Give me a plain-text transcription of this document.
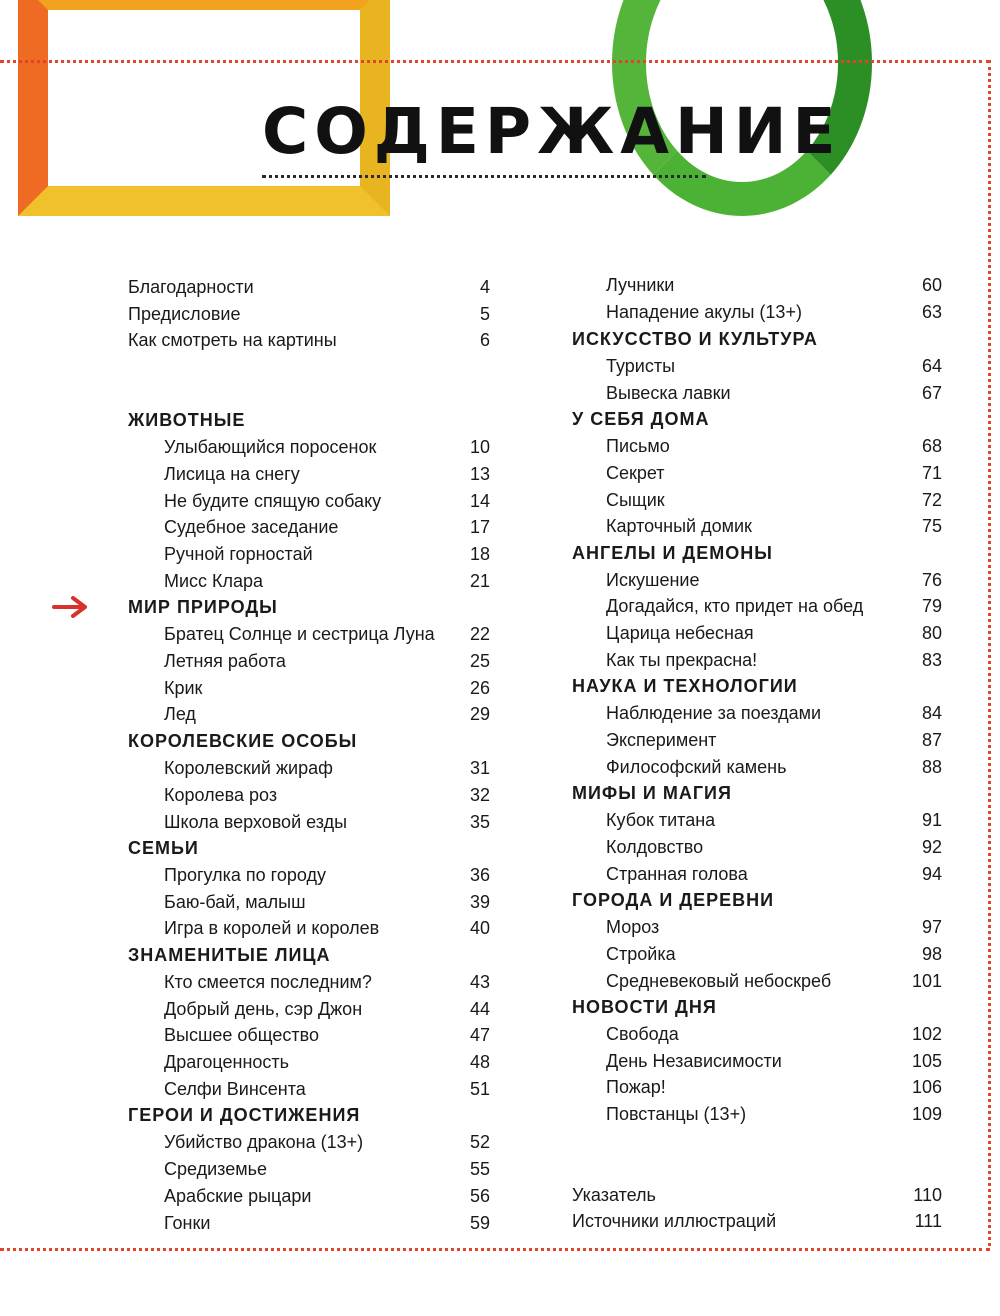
СОДЕРЖАНИЕ
Благодарности	4
Предисловие	5
Как смотреть на картины	6
ЖИВОТНЫЕ
Улыбающийся поросенок	10
Лисица на снегу	13
Не будите спящую собаку	14
Судебное заседание	17
Ручной горностай	18
Мисс Клара	21
МИР ПРИРОДЫ
Братец Солнце и сестрица Луна	22
Летняя работа	25
Крик	26
Лед	29
КОРОЛЕВСКИЕ ОСОБЫ
Королевский жираф	31
Королева роз	32
Школа верховой езды	35
СЕМЬИ
Прогулка по городу	36
Баю-бай, малыш	39
Игра в королей и королев	40
ЗНАМЕНИТЫЕ ЛИЦА
Кто смеется последним?	43
Добрый день, сэр Джон	44
Высшее общество	47
Драгоценность	48
Селфи Винсента	51
ГЕРОИ И ДОСТИЖЕНИЯ
Убийство дракона (13+)	52
Средиземье	55
Арабские рыцари	56
Гонки	59
Лучники	60
Нападение акулы (13+)	63
ИСКУССТВО И КУЛЬТУРА
Туристы	64
Вывеска лавки	67
У СЕБЯ ДОМА
Письмо	68
Секрет	71
Сыщик	72
Карточный домик	75
АНГЕЛЫ И ДЕМОНЫ
Искушение	76
Догадайся, кто придет на обед	79
Царица небесная	80
Как ты прекрасна!	83
НАУКА И ТЕХНОЛОГИИ
Наблюдение за поездами	84
Эксперимент	87
Философский камень	88
МИФЫ И МАГИЯ
Кубок титана	91
Колдовство	92
Странная голова	94
ГОРОДА И ДЕРЕВНИ
Мороз	97
Стройка	98
Средневековый небоскреб	101
НОВОСТИ ДНЯ
Свобода	102
День Независимости	105
Пожар!	106
Повстанцы (13+)	109
Указатель	110
Источники иллюстраций	111
